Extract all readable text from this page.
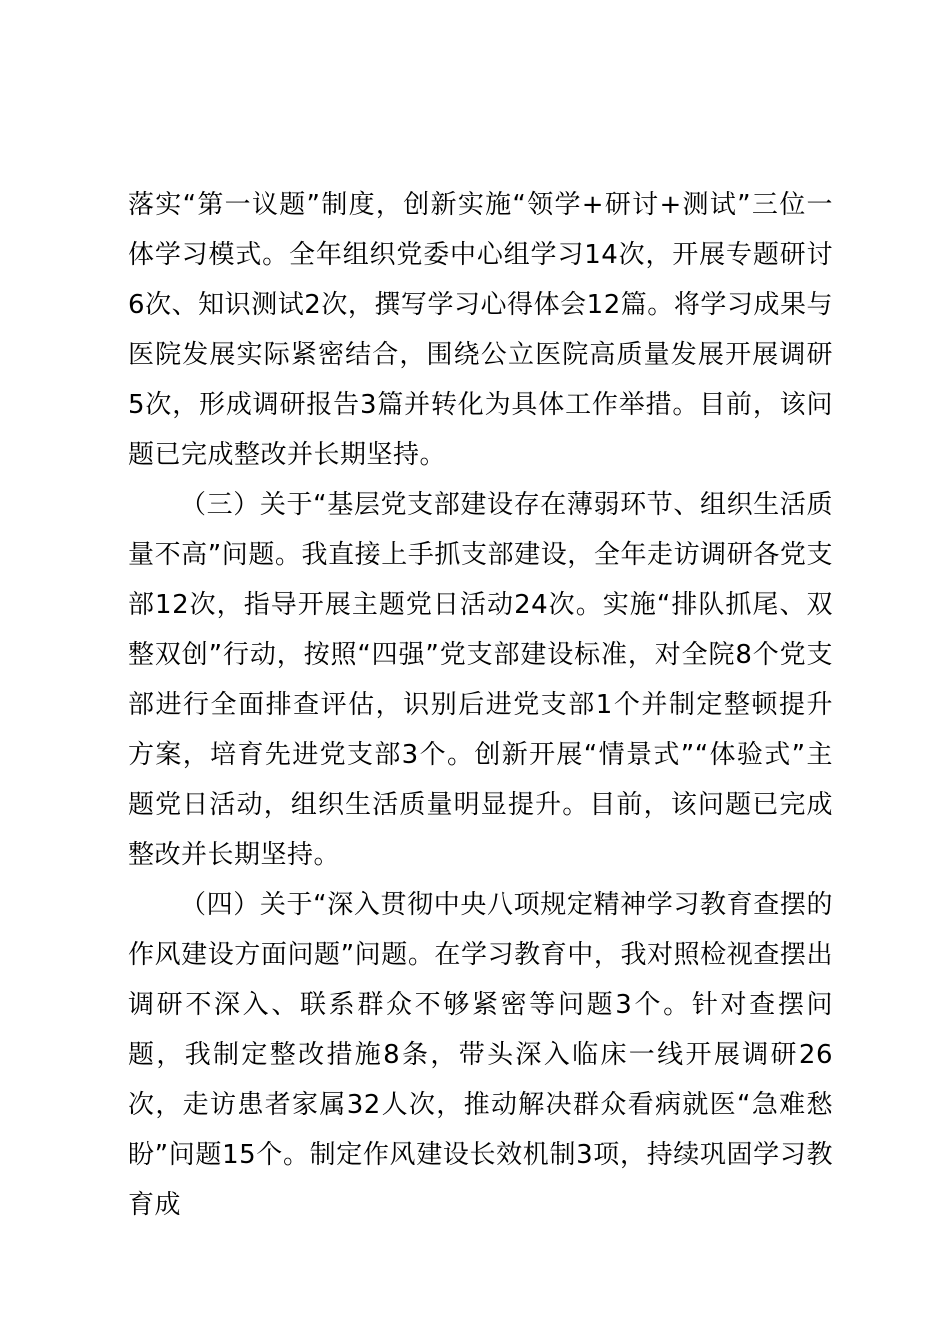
落实“第一议题”制度，创新实施“领学+研讨+测试”三位一体学习模式。全年组织党委中心组学习14次，开展专题研讨6次、知识测试2次，撰写学习心得体会12篇。将学习成果与医院发展实际紧密结合，围绕公立医院高质量发展开展调研5次，形成调研报告3篇并转化为具体工作举措。目前，该问题已完成整改并长期坚持。

（三）关于“基层党支部建设存在薄弱环节、组织生活质量不高”问题。我直接上手抓支部建设，全年走访调研各党支部12次，指导开展主题党日活动24次。实施“排队抓尾、双整双创”行动，按照“四强”党支部建设标准，对全院8个党支部进行全面排查评估，识别后进党支部1个并制定整顿提升方案，培育先进党支部3个。创新开展“情景式”“体验式”主题党日活动，组织生活质量明显提升。目前，该问题已完成整改并长期坚持。

（四）关于“深入贯彻中央八项规定精神学习教育查摆的作风建设方面问题”问题。在学习教育中，我对照检视查摆出调研不深入、联系群众不够紧密等问题3个。针对查摆问题，我制定整改措施8条，带头深入临床一线开展调研26次，走访患者家属32人次，推动解决群众看病就医“急难愁盼”问题15个。制定作风建设长效机制3项，持续巩固学习教育成
